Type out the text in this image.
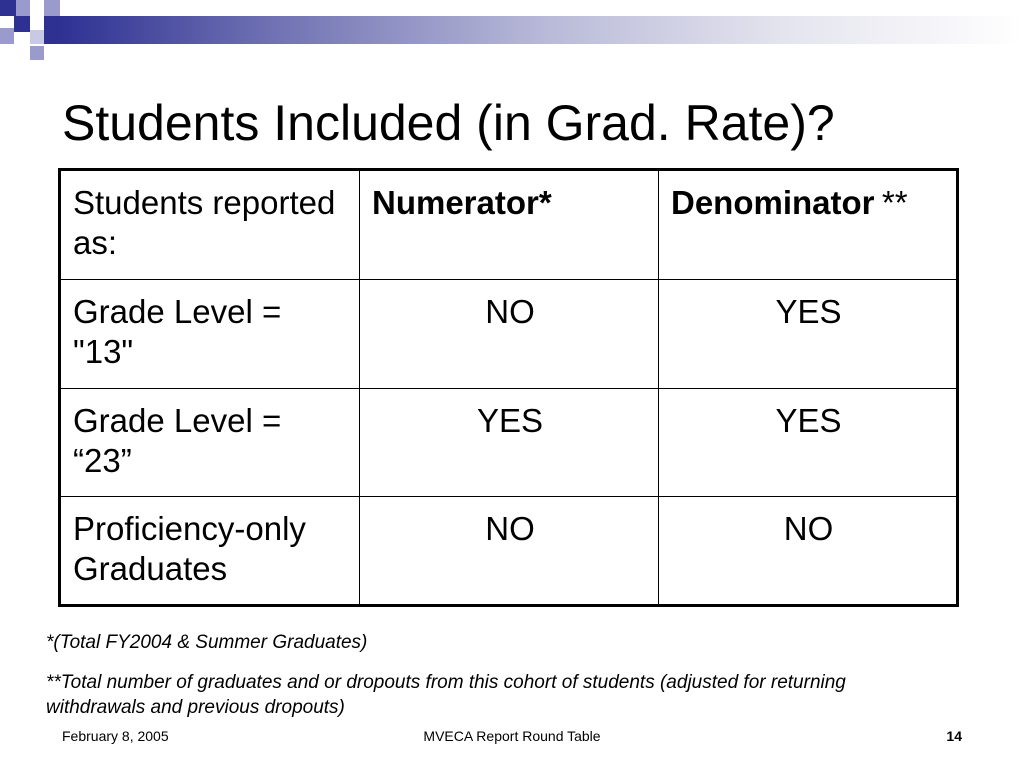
Students Included (in Grad. Rate)?
Students reported as:	Numerator*	Denominator **
Grade Level = "13"	NO	YES
Grade Level = “23”	YES	YES
Proficiency-only Graduates	NO	NO
*(Total FY2004 & Summer Graduates)
**Total number of graduates and or dropouts from this cohort of students (adjusted for returning withdrawals and previous dropouts)
February 8, 2005	MVECA Report Round Table	14
